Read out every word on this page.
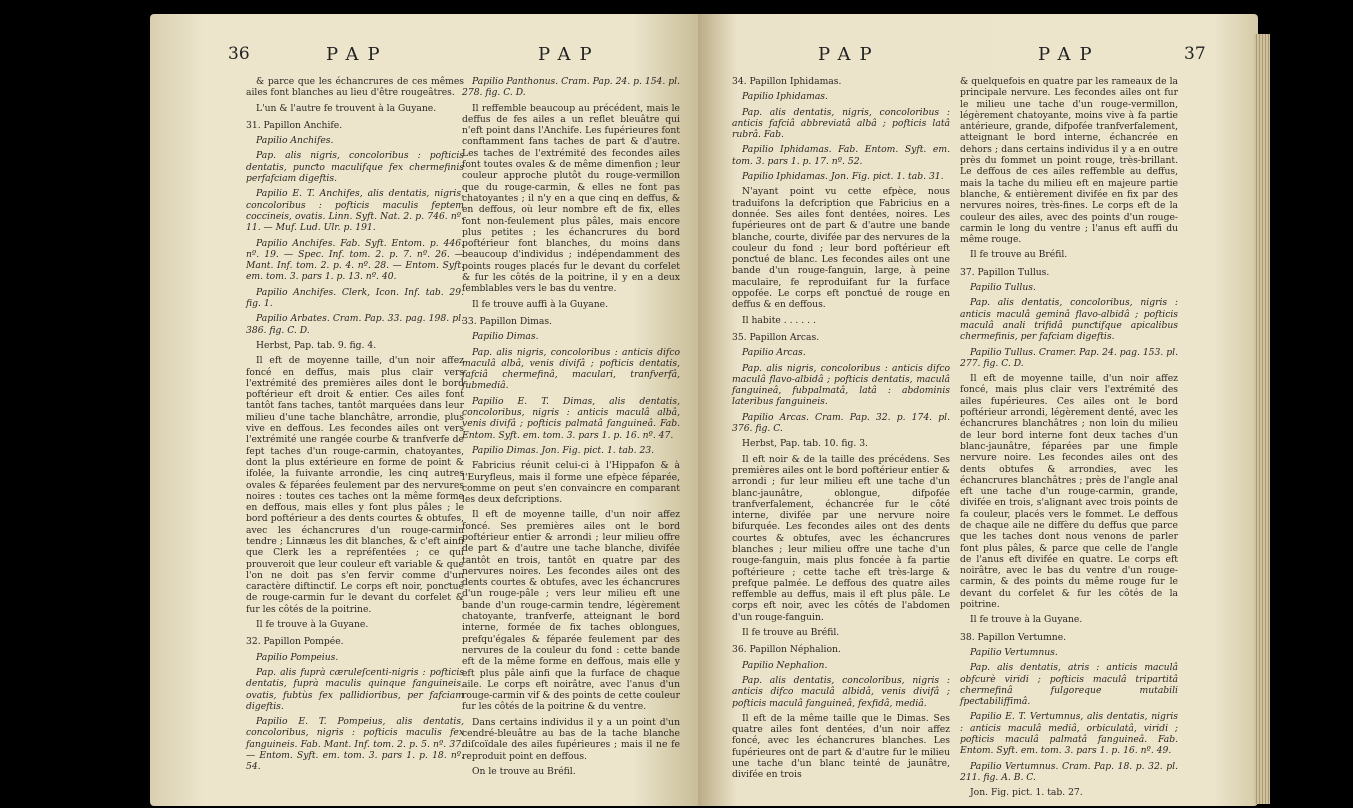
36	PAP	PAP

& parce que les échancrures de ces mêmes ailes font blanches au lieu d'être rougeâtres.

L'un & l'autre fe trouvent à la Guyane.

31. Papillon Anchife.

Papilio Anchifes.

Pap. alis nigris, concoloribus : pofticis dentatis, punƈto maculifque fex chermefinis perfafciam digeftis.

Papilio E. T. Anchifes, alis dentatis, nigris, concoloribus : pofticis maculis feptem coccineis, ovatis. Linn. Syft. Nat. 2. p. 746. nº. 11. — Muf. Lud. Ulr. p. 191.

Papilio Anchifes. Fab. Syft. Entom. p. 446. nº. 19. — Spec. Inf. tom. 2. p. 7. nº. 26. — Mant. Inf. tom. 2. p. 4. nº. 28. — Entom. Syft. em. tom. 3. pars 1. p. 13. nº. 40.

Papilio Anchifes. Clerk, Icon. Inf. tab. 29. fig. 1.

Papilio Arbates. Cram. Pap. 33. pag. 198. pl. 386. fig. C. D.

Herbst, Pap. tab. 9. fig. 4.

Il eft de moyenne taille, d'un noir affez foncé en deffus, mais plus clair vers l'extrémité des premières ailes dont le bord poftérieur eft droit & entier. Ces ailes font tantôt fans taches, tantôt marquées dans leur milieu d'une tache blanchâtre, arrondie, plus vive en deffous. Les fecondes ailes ont vers l'extrémité une rangée courbe & tranfverfe de fept taches d'un rouge-carmin, chatoyantes, dont la plus extérieure en forme de point & ifolée, la fuivante arrondie, les cinq autres ovales & féparées feulement par des nervures noires : toutes ces taches ont la même forme en deffous, mais elles y font plus pâles ; le bord poftérieur a des dents courtes & obtufes, avec les échancrures d'un rouge-carmin tendre ; Linnæus les dit blanches, & c'eft ainfi que Clerk les a repréfentées ; ce qui prouveroit que leur couleur eft variable & que l'on ne doit pas s'en fervir comme d'un caractère diftinctif. Le corps eft noir, ponƈtué de rouge-carmin fur le devant du corfelet & fur les côtés de la poitrine.

Il fe trouve à la Guyane.

32. Papillon Pompée.

Papilio Pompeius.

Pap. alis fuprà cæruleſcenti-nigris : pofticis dentatis, fuprà maculis quinque fanguineis, ovatis, fubtùs fex pallidioribus, per fafciam digeftis.

Papilio E. T. Pompeius, alis dentatis, concoloribus, nigris : pofticis maculis fex fanguineis. Fab. Mant. Inf. tom. 2. p. 5. nº. 37. — Entom. Syft. em. tom. 3. pars 1. p. 18. nº. 54.

Papilio Panthonus. Cram. Pap. 24. p. 154. pl. 278. fig. C. D.

Il reffemble beaucoup au précédent, mais le deffus de fes ailes a un reflet bleuâtre qui n'eft point dans l'Anchife. Les fupérieures font conftamment fans taches de part & d'autre. Les taches de l'extrémité des fecondes ailes font toutes ovales & de même dimenfion ; leur couleur approche plutôt du rouge-vermillon que du rouge-carmin, & elles ne font pas chatoyantes ; il n'y en a que cinq en deffus, & en deffous, où leur nombre eft de fix, elles font non-feulement plus pâles, mais encore plus petites ; les échancrures du bord poftérieur font blanches, du moins dans beaucoup d'individus ; indépendamment des points rouges placés fur le devant du corfelet & fur les côtés de la poitrine, il y en a deux femblables vers le bas du ventre.

Il fe trouve auffi à la Guyane.

33. Papillon Dimas.

Papilio Dimas.

Pap. alis nigris, concoloribus : anticis difco maculâ albâ, venis divifâ ; pofticis dentatis, fafciâ chermefinâ, maculari, tranfverfâ, fubmediâ.

Papilio E. T. Dimas, alis dentatis, concoloribus, nigris : anticis maculâ albâ, venis divifâ ; pofticis palmatâ fanguineâ. Fab. Entom. Syft. em. tom. 3. pars 1. p. 16. nº. 47.

Papilio Dimas. Jon. Fig. pict. 1. tab. 23.

Fabricius réunit celui-ci à l'Hippafon & à l'Euryfleus, mais il forme une efpèce féparée, comme on peut s'en convaincre en comparant les deux defcriptions.

Il eft de moyenne taille, d'un noir affez foncé. Ses premières ailes ont le bord poftérieur entier & arrondi ; leur milieu offre de part & d'autre une tache blanche, divifée tantôt en trois, tantôt en quatre par des nervures noires. Les fecondes ailes ont des dents courtes & obtufes, avec les échancrures d'un rouge-pâle ; vers leur milieu eft une bande d'un rouge-carmin tendre, légèrement chatoyante, tranfverfe, atteignant le bord interne, formée de fix taches oblongues, prefqu'égales & féparée feulement par des nervures de la couleur du fond : cette bande eft de la même forme en deffous, mais elle y eft plus pâle ainfi que la furface de chaque aile. Le corps eft noirâtre, avec l'anus d'un rouge-carmin vif & des points de cette couleur fur les côtés de la poitrine & du ventre.

Dans certains individus il y a un point d'un cendré-bleuâtre au bas de la tache blanche diſcoïdale des ailes fupérieures ; mais il ne fe reproduit point en deffous.

On le trouve au Bréfil.

PAP	PAP	37

34. Papillon Iphidamas.

Papilio Iphidamas.

Pap. alis dentatis, nigris, concoloribus : anticis fafciâ abbreviatâ albâ ; pofticis latâ rubrâ. Fab.

Papilio Iphidamas. Fab. Entom. Syft. em. tom. 3. pars 1. p. 17. nº. 52.

Papilio Iphidamas. Jon. Fig. pict. 1. tab. 31.

N'ayant point vu cette efpèce, nous traduifons la defcription que Fabricius en a donnée. Ses ailes font dentées, noires. Les fupérieures ont de part & d'autre une bande blanche, courte, divifée par des nervures de la couleur du fond ; leur bord poftérieur eft ponƈtué de blanc. Les fecondes ailes ont une bande d'un rouge-fanguin, large, à peine maculaire, fe reproduifant fur la furface oppofée. Le corps eft ponƈtué de rouge en deffus & en deffous.

Il habite . . . . . .

35. Papillon Arcas.

Papilio Arcas.

Pap. alis nigris, concoloribus : anticis difco maculâ flavo-albidâ ; pofticis dentatis, maculâ fanguineâ, fubpalmatâ, latâ : abdominis lateribus fanguineis.

Papilio Arcas. Cram. Pap. 32. p. 174. pl. 376. fig. C.

Herbst, Pap. tab. 10. fig. 3.

Il eft noir & de la taille des précédens. Ses premières ailes ont le bord poftérieur entier & arrondi ; fur leur milieu eft une tache d'un blanc-jaunâtre, oblongue, difpofée tranfverfalement, échancrée fur le côté interne, divifée par une nervure noire bifurquée. Les fecondes ailes ont des dents courtes & obtufes, avec les échancrures blanches ; leur milieu offre une tache d'un rouge-fanguin, mais plus foncée à fa partie poftérieure ; cette tache eft très-large & prefque palmée. Le deffous des quatre ailes reffemble au deffus, mais il eft plus pâle. Le corps eft noir, avec les côtés de l'abdomen d'un rouge-fanguin.

Il fe trouve au Bréfil.

36. Papillon Néphalion.

Papilio Nephalion.

Pap. alis dentatis, concoloribus, nigris : anticis difco maculâ albidâ, venis divifâ ; pofticis maculâ fanguineâ, fexfidâ, mediâ.

Il eft de la même taille que le Dimas. Ses quatre ailes font dentées, d'un noir affez foncé, avec les échancrures blanches. Les fupérieures ont de part & d'autre fur le milieu une tache d'un blanc teinté de jaunâtre, divifée en trois

& quelquefois en quatre par les rameaux de la principale nervure. Les fecondes ailes ont fur le milieu une tache d'un rouge-vermillon, légèrement chatoyante, moins vive à fa partie antérieure, grande, difpofée tranfverfalement, atteignant le bord interne, échancrée en dehors ; dans certains individus il y a en outre près du fommet un point rouge, très-brillant. Le deffous de ces ailes reffemble au deffus, mais la tache du milieu eft en majeure partie blanche, & entièrement divifée en fix par des nervures noires, très-fines. Le corps eft de la couleur des ailes, avec des points d'un rouge-carmin le long du ventre ; l'anus eft auffi du même rouge.

Il fe trouve au Bréfil.

37. Papillon Tullus.

Papilio Tullus.

Pap. alis dentatis, concoloribus, nigris : anticis maculâ geminâ flavo-albidâ ; pofticis maculâ anali trifidâ punƈtifque apicalibus chermefinis, per fafciam digeftis.

Papilio Tullus. Cramer. Pap. 24. pag. 153. pl. 277. fig. C. D.

Il eft de moyenne taille, d'un noir affez foncé, mais plus clair vers l'extrémité des ailes fupérieures. Ces ailes ont le bord poftérieur arrondi, légèrement denté, avec les échancrures blanchâtres ; non loin du milieu de leur bord interne font deux taches d'un blanc-jaunâtre, féparées par une fimple nervure noire. Les fecondes ailes ont des dents obtufes & arrondies, avec les échancrures blanchâtres ; près de l'angle anal eft une tache d'un rouge-carmin, grande, divifée en trois, s'alignant avec trois points de fa couleur, placés vers le fommet. Le deffous de chaque aile ne diffère du deffus que parce que les taches dont nous venons de parler font plus pâles, & parce que celle de l'angle de l'anus eft divifée en quatre. Le corps eft noirâtre, avec le bas du ventre d'un rouge-carmin, & des points du même rouge fur le devant du corfelet & fur les côtés de la poitrine.

Il fe trouve à la Guyane.

38. Papillon Vertumne.

Papilio Vertumnus.

Pap. alis dentatis, atris : anticis maculâ obfcurè viridi ; pofticis maculâ tripartitâ chermefinâ fulgoreque mutabili fpeƈtabiliffimâ.

Papilio E. T. Vertumnus, alis dentatis, nigris : anticis maculâ mediâ, orbiculatâ, viridi ; pofticis maculâ palmatâ fanguineâ. Fab. Entom. Syft. em. tom. 3. pars 1. p. 16. nº. 49.

Papilio Vertumnus. Cram. Pap. 18. p. 32. pl. 211. fig. A. B. C.

Jon. Fig. pict. 1. tab. 27.
